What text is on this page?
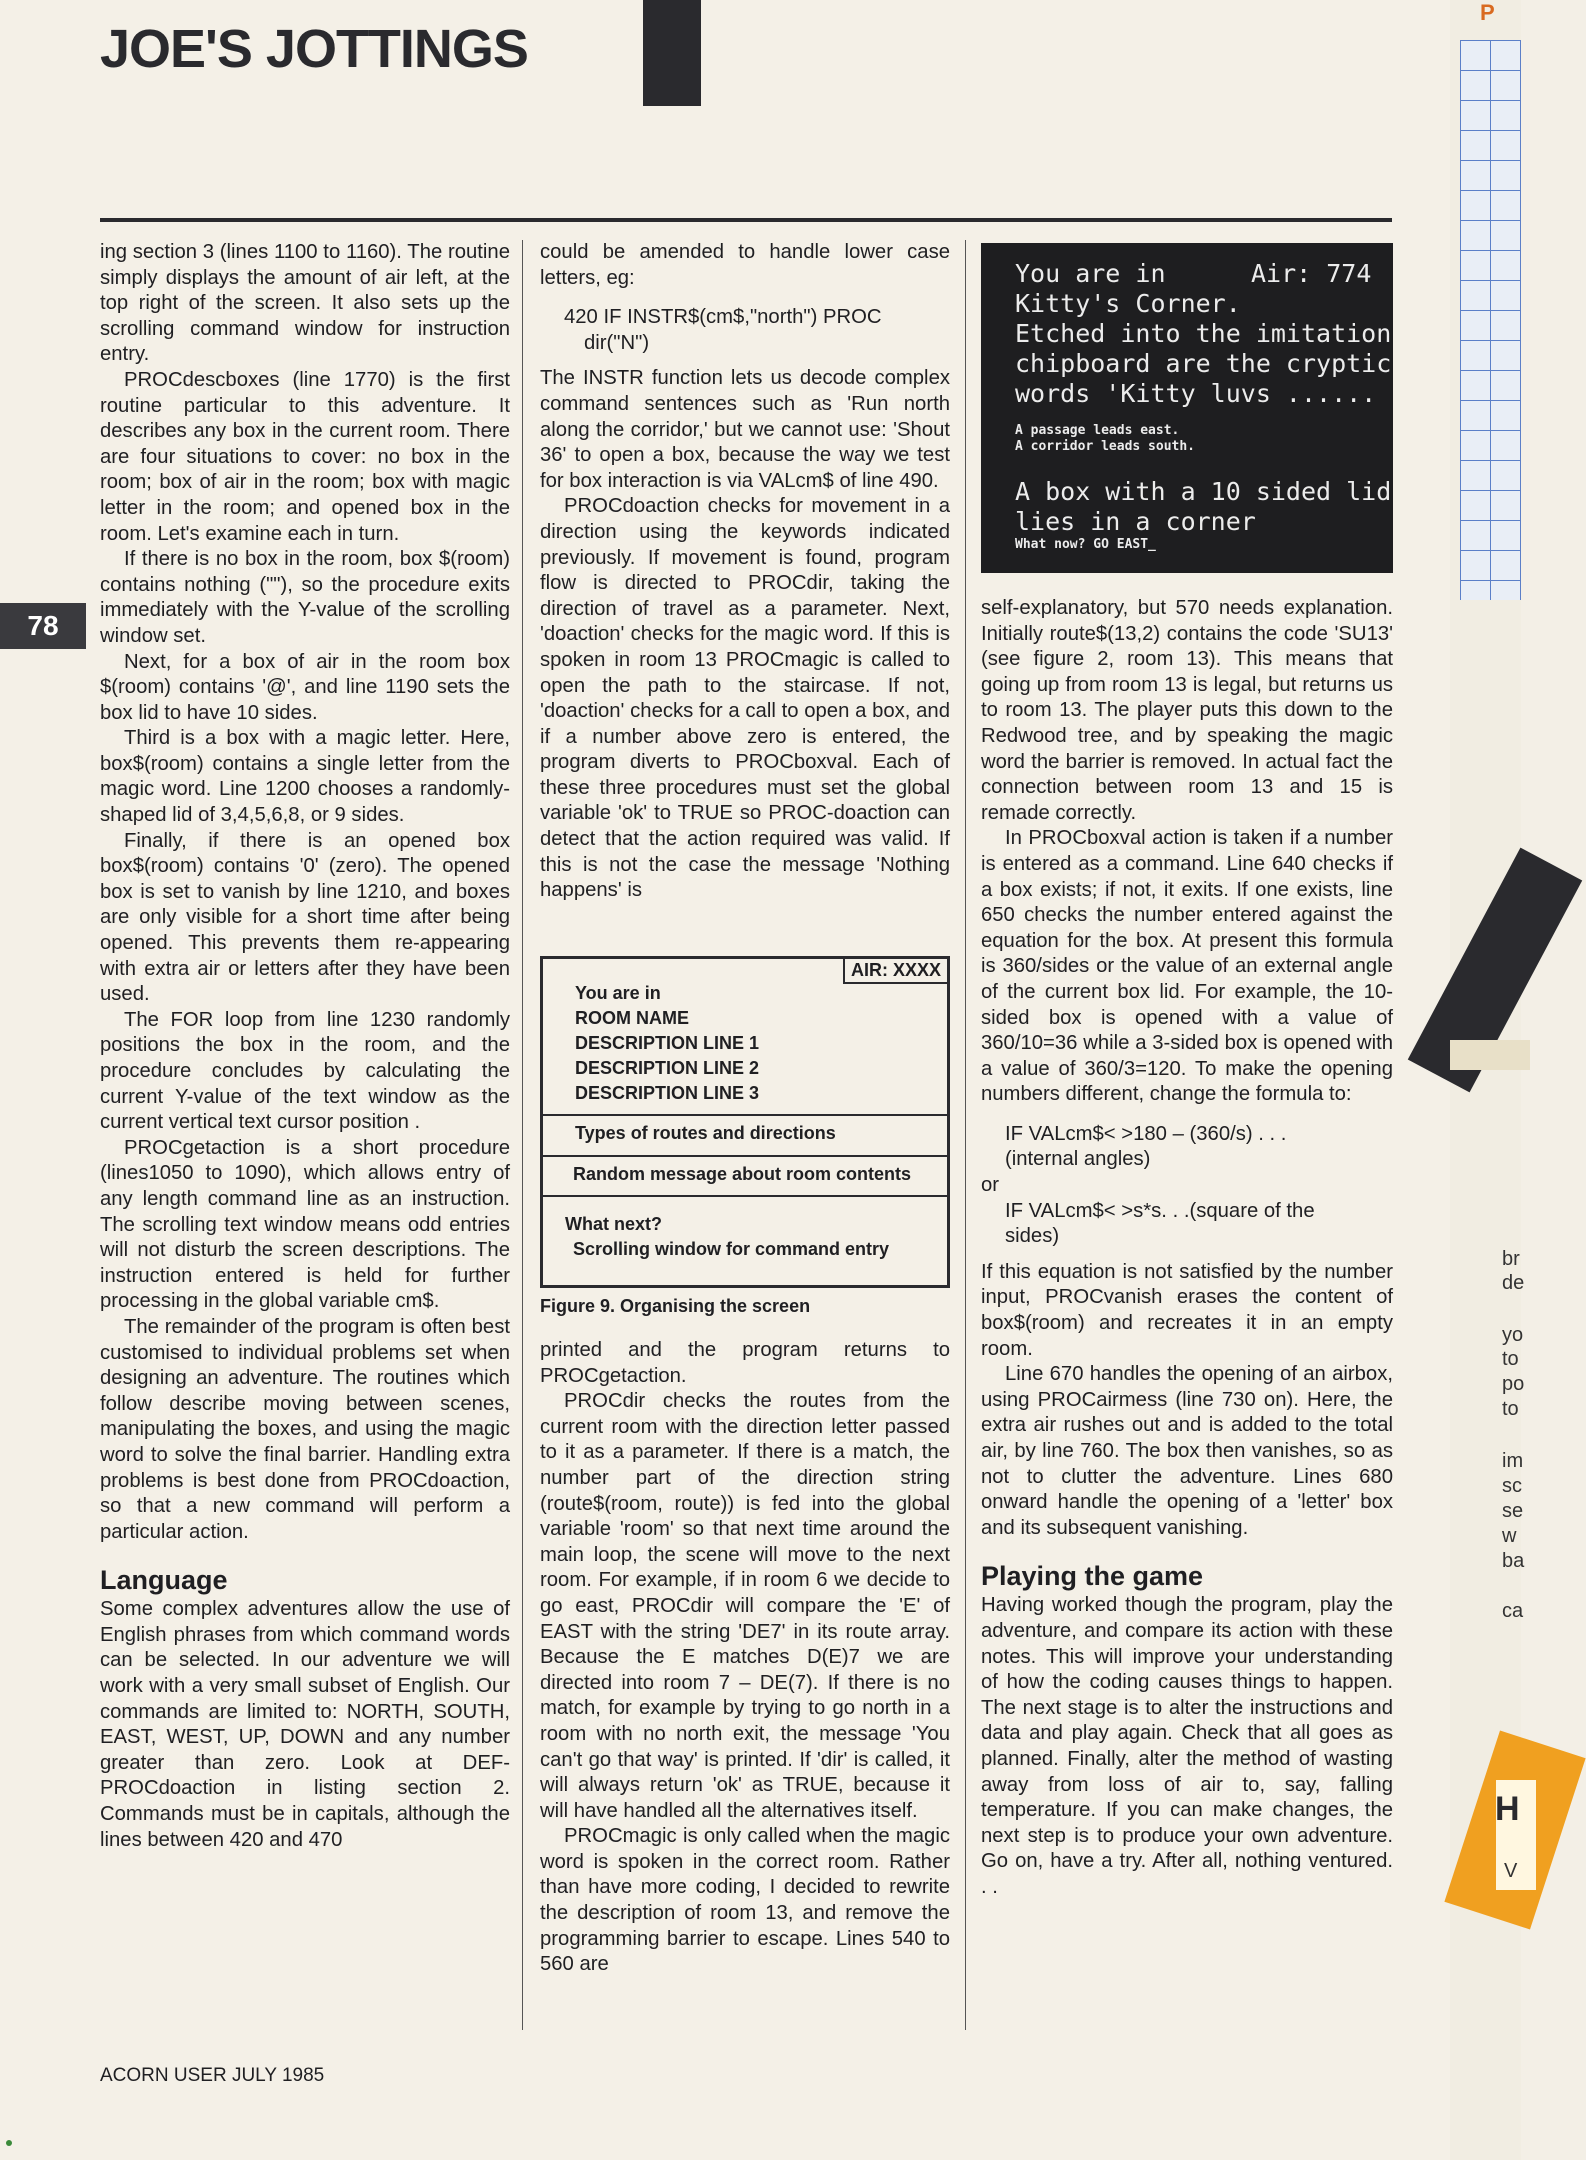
JOE'S JOTTINGS
78

ing section 3 (lines 1100 to 1160). The routine simply displays the amount of air left, at the top right of the screen. It also sets up the scrolling command window for instruction entry.

PROCdescboxes (line 1770) is the first routine particular to this adventure. It describes any box in the current room. There are four situations to cover: no box in the room; box of air in the room; box with magic letter in the room; and opened box in the room. Let's examine each in turn.

If there is no box in the room, box $(room) contains nothing (""), so the procedure exits immediately with the Y-value of the scrolling window set.

Next, for a box of air in the room box $(room) contains '@', and line 1190 sets the box lid to have 10 sides.

Third is a box with a magic letter. Here, box$(room) contains a single letter from the magic word. Line 1200 chooses a randomly-shaped lid of 3,4,5,6,8, or 9 sides.

Finally, if there is an opened box box$(room) contains '0' (zero). The opened box is set to vanish by line 1210, and boxes are only visible for a short time after being opened. This prevents them re-appearing with extra air or letters after they have been used.

The FOR loop from line 1230 randomly positions the box in the room, and the procedure concludes by calculating the current Y-value of the text window as the current vertical text cursor position .

PROCgetaction is a short procedure (lines1050 to 1090), which allows entry of any length command line as an instruction. The scrolling text window means odd entries will not disturb the screen descriptions. The instruction entered is held for further processing in the global variable cm$.

The remainder of the program is often best customised to individual problems set when designing an adventure. The routines which follow describe moving between scenes, manipulating the boxes, and using the magic word to solve the final barrier. Handling extra problems is best done from PROCdoaction, so that a new command will perform a particular action.

Language

Some complex adventures allow the use of English phrases from which command words can be selected. In our adventure we will work with a very small subset of English. Our commands are limited to: NORTH, SOUTH, EAST, WEST, UP, DOWN and any number greater than zero. Look at DEF-PROCdoaction in listing section 2. Commands must be in capitals, although the lines between 420 and 470

could be amended to handle lower case letters, eg:

420 IF INSTR$(cm$,"north") PROC

dir("N")

The INSTR function lets us decode complex command sentences such as 'Run north along the corridor,' but we cannot use: 'Shout 36' to open a box, because the way we test for box interaction is via VALcm$ of line 490.

PROCdoaction checks for movement in a direction using the keywords indicated previously. If movement is found, program flow is directed to PROCdir, taking the direction of travel as a parameter. Next, 'doaction' checks for the magic word. If this is spoken in room 13 PROCmagic is called to open the path to the staircase. If not, 'doaction' checks for a call to open a box, and if a number above zero is entered, the program diverts to PROCboxval. Each of these three procedures must set the global variable 'ok' to TRUE so PROC-doaction can detect that the action required was valid. If this is not the case the message 'Nothing happens' is

AIR: XXXX
You are in
ROOM NAME
DESCRIPTION LINE 1
DESCRIPTION LINE 2
DESCRIPTION LINE 3
Types of routes and directions
Random message about room contents
What next?
Scrolling window for command entry
Figure 9. Organising the screen

printed and the program returns to PROCgetaction.

PROCdir checks the routes from the current room with the direction letter passed to it as a parameter. If there is a match, the number part of the direction string (route$(room, route)) is fed into the global variable 'room' so that next time around the main loop, the scene will move to the next room. For example, if in room 6 we decide to go east, PROCdir will compare the 'E' of EAST with the string 'DE7' in its route array. Because the E matches D(E)7 we are directed into room 7 – DE(7). If there is no match, for example by trying to go north in a room with no north exit, the message 'You can't go that way' is printed. If 'dir' is called, it will always return 'ok' as TRUE, because it will have handled all the alternatives itself.

PROCmagic is only called when the magic word is spoken in the correct room. Rather than have more coding, I decided to rewrite the description of room 13, and remove the programming barrier to escape. Lines 540 to 560 are

You are in	Air: 774
Kitty's Corner.
Etched into the imitation
chipboard are the cryptic
words 'Kitty luvs ......
A passage leads east.
A corridor leads south.
A box with a 10 sided lid
lies in a corner
What now? GO EAST_

self-explanatory, but 570 needs explanation. Initially route$(13,2) contains the code 'SU13' (see figure 2, room 13). This means that going up from room 13 is legal, but returns us to room 13. The player puts this down to the Redwood tree, and by speaking the magic word the barrier is removed. In actual fact the connection between room 13 and 15 is remade correctly.

In PROCboxval action is taken if a number is entered as a command. Line 640 checks if a box exists; if not, it exits. If one exists, line 650 checks the number entered against the equation for the box. At present this formula is 360/sides or the value of an external angle of the current box lid. For example, the 10-sided box is opened with a value of 360/10=36 while a 3-sided box is opened with a value of 360/3=120. To make the opening numbers different, change the formula to:

IF VALcm$< >180 – (360/s) . . .

(internal angles)

or

IF VALcm$< >s*s. . .(square of the

sides)

If this equation is not satisfied by the number input, PROCvanish erases the content of box$(room) and recreates it in an empty room.

Line 670 handles the opening of an airbox, using PROCairmess (line 730 on). Here, the extra air rushes out and is added to the total air, by line 760. The box then vanishes, so as not to clutter the adventure. Lines 680 onward handle the opening of a 'letter' box and its subsequent vanishing.

Playing the game

Having worked though the program, play the adventure, and compare its action with these notes. This will improve your understanding of how the coding causes things to happen. The next stage is to alter the instructions and data and play again. Check that all goes as planned. Finally, alter the method of wasting away from loss of air to, say, falling temperature. If you can make changes, the next step is to produce your own adventure. Go on, have a try. After all, nothing ventured. . .

ACORN USER JULY 1985
P
br
de
yo
to
po
to
im
sc
se
w
ba
ca
H
V
